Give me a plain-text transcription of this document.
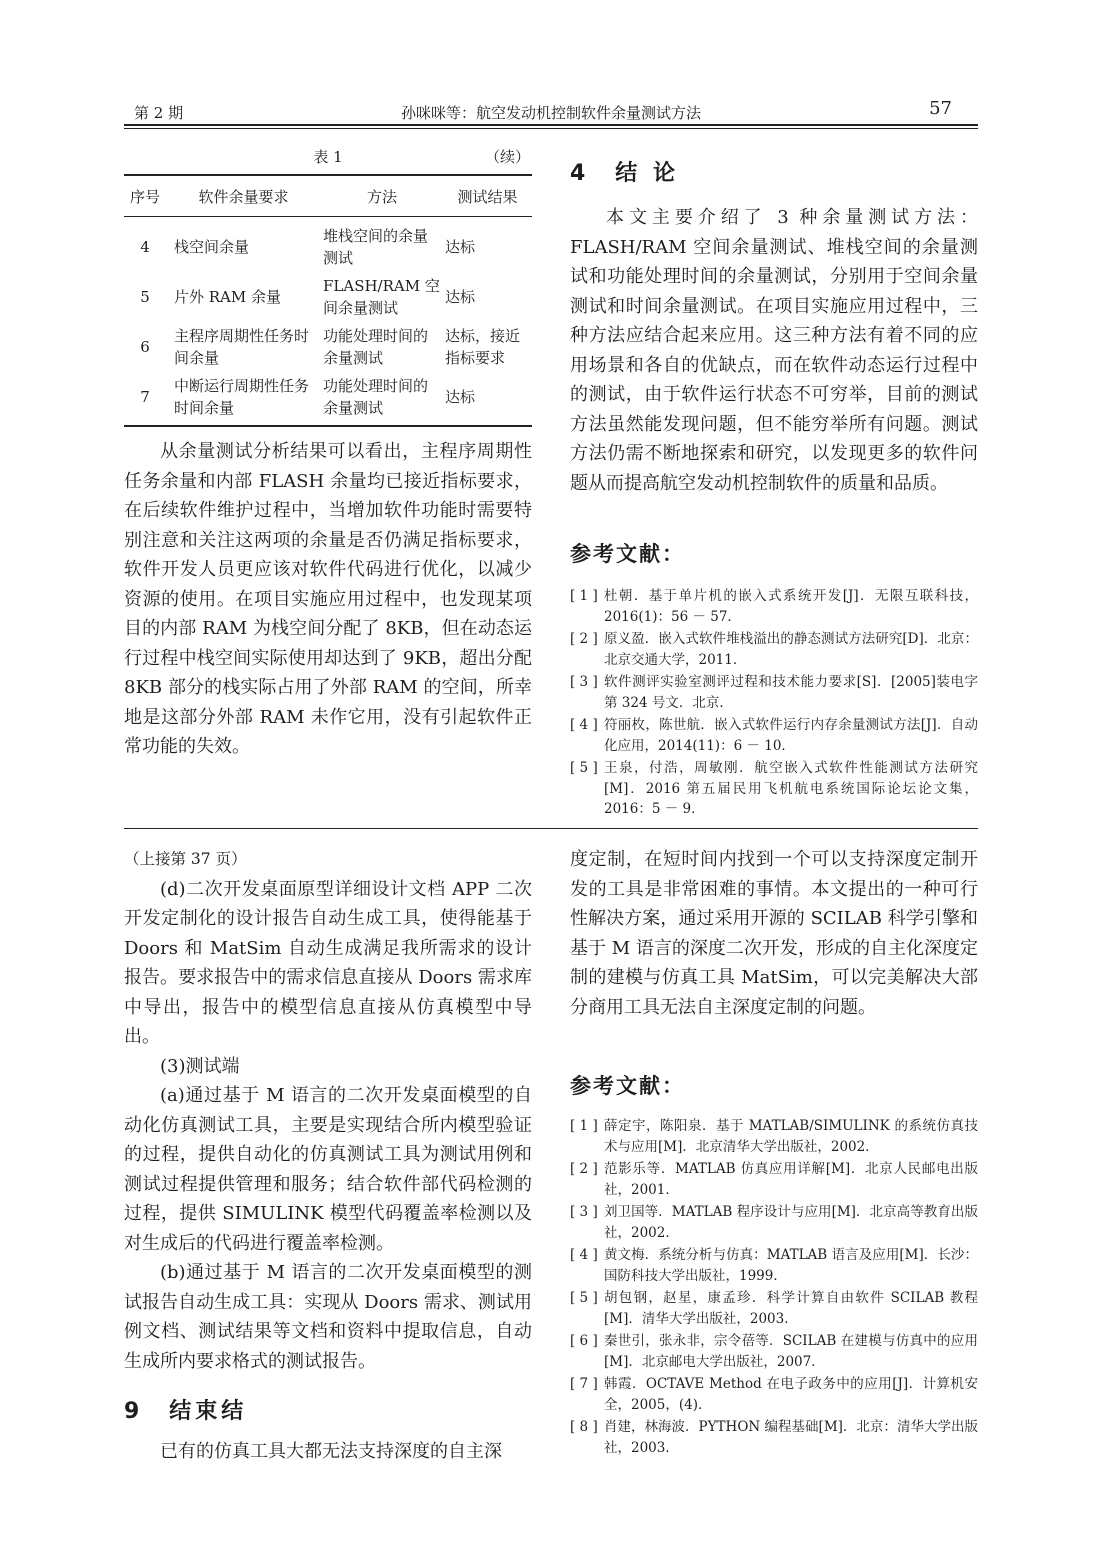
第 2 期	孙咪咪等：航空发动机控制软件余量测试方法	57
表 1	（续）
序号	软件余量要求	方法	测试结果
4	栈空间余量	堆栈空间的余量测试	达标
5	片外 RAM 余量	FLASH/RAM 空间余量测试	达标
6	主程序周期性任务时间余量	功能处理时间的余量测试	达标，接近指标要求
7	中断运行周期性任务时间余量	功能处理时间的余量测试	达标

从余量测试分析结果可以看出，主程序周期性任务余量和内部 FLASH 余量均已接近指标要求，在后续软件维护过程中，当增加软件功能时需要特别注意和关注这两项的余量是否仍满足指标要求，软件开发人员更应该对软件代码进行优化，以减少资源的使用。在项目实施应用过程中，也发现某项目的内部 RAM 为栈空间分配了 8KB，但在动态运行过程中栈空间实际使用却达到了 9KB，超出分配 8KB 部分的栈实际占用了外部 RAM 的空间，所幸地是这部分外部 RAM 未作它用，没有引起软件正常功能的失效。

4　结 论

本文主要介绍了 3 种余量测试方法：FLASH/RAM 空间余量测试、堆栈空间的余量测试和功能处理时间的余量测试，分别用于空间余量测试和时间余量测试。在项目实施应用过程中，三种方法应结合起来应用。这三种方法有着不同的应用场景和各自的优缺点，而在软件动态运行过程中的测试，由于软件运行状态不可穷举，目前的测试方法虽然能发现问题，但不能穷举所有问题。测试方法仍需不断地探索和研究，以发现更多的软件问题从而提高航空发动机控制软件的质量和品质。

参考文献：
[ 1 ] 杜朝．基于单片机的嵌入式系统开发[J]．无限互联科技，2016(1)：56 － 57．
[ 2 ] 原义盈．嵌入式软件堆栈溢出的静态测试方法研究[D]．北京：北京交通大学，2011．
[ 3 ] 软件测评实验室测评过程和技术能力要求[S]．[2005]装电字第 324 号文．北京．
[ 4 ] 符丽枚，陈世航．嵌入式软件运行内存余量测试方法[J]．自动化应用，2014(11)：6 － 10．
[ 5 ] 王泉，付浩，周敏刚．航空嵌入式软件性能测试方法研究[M]．2016 第五届民用飞机航电系统国际论坛论文集，2016：5 － 9．

（上接第 37 页）

(d)二次开发桌面原型详细设计文档 APP 二次开发定制化的设计报告自动生成工具，使得能基于 Doors 和 MatSim 自动生成满足我所需求的设计报告。要求报告中的需求信息直接从 Doors 需求库中导出，报告中的模型信息直接从仿真模型中导出。

(3)测试端

(a)通过基于 M 语言的二次开发桌面模型的自动化仿真测试工具，主要是实现结合所内模型验证的过程，提供自动化的仿真测试工具为测试用例和测试过程提供管理和服务；结合软件部代码检测的过程，提供 SIMULINK 模型代码覆盖率检测以及对生成后的代码进行覆盖率检测。

(b)通过基于 M 语言的二次开发桌面模型的测试报告自动生成工具：实现从 Doors 需求、测试用例文档、测试结果等文档和资料中提取信息，自动生成所内要求格式的测试报告。

9　结束结

已有的仿真工具大都无法支持深度的自主深

度定制，在短时间内找到一个可以支持深度定制开发的工具是非常困难的事情。本文提出的一种可行性解决方案，通过采用开源的 SCILAB 科学引擎和基于 M 语言的深度二次开发，形成的自主化深度定制的建模与仿真工具 MatSim，可以完美解决大部分商用工具无法自主深度定制的问题。

参考文献：
[ 1 ] 薛定宇，陈阳泉．基于 MATLAB/SIMULINK 的系统仿真技术与应用[M]．北京清华大学出版社，2002．
[ 2 ] 范影乐等．MATLAB 仿真应用详解[M]．北京人民邮电出版社，2001．
[ 3 ] 刘卫国等．MATLAB 程序设计与应用[M]．北京高等教育出版社，2002．
[ 4 ] 黄文梅．系统分析与仿真：MATLAB 语言及应用[M]．长沙：国防科技大学出版社，1999．
[ 5 ] 胡包钢，赵星，康孟珍．科学计算自由软件 SCILAB 教程[M]．清华大学出版社，2003．
[ 6 ] 秦世引，张永非，宗令蓓等．SCILAB 在建模与仿真中的应用[M]．北京邮电大学出版社，2007．
[ 7 ] 韩霞．OCTAVE Method 在电子政务中的应用[J]．计算机安全，2005，(4)．
[ 8 ] 肖建，林海波．PYTHON 编程基础[M]．北京：清华大学出版社，2003．
